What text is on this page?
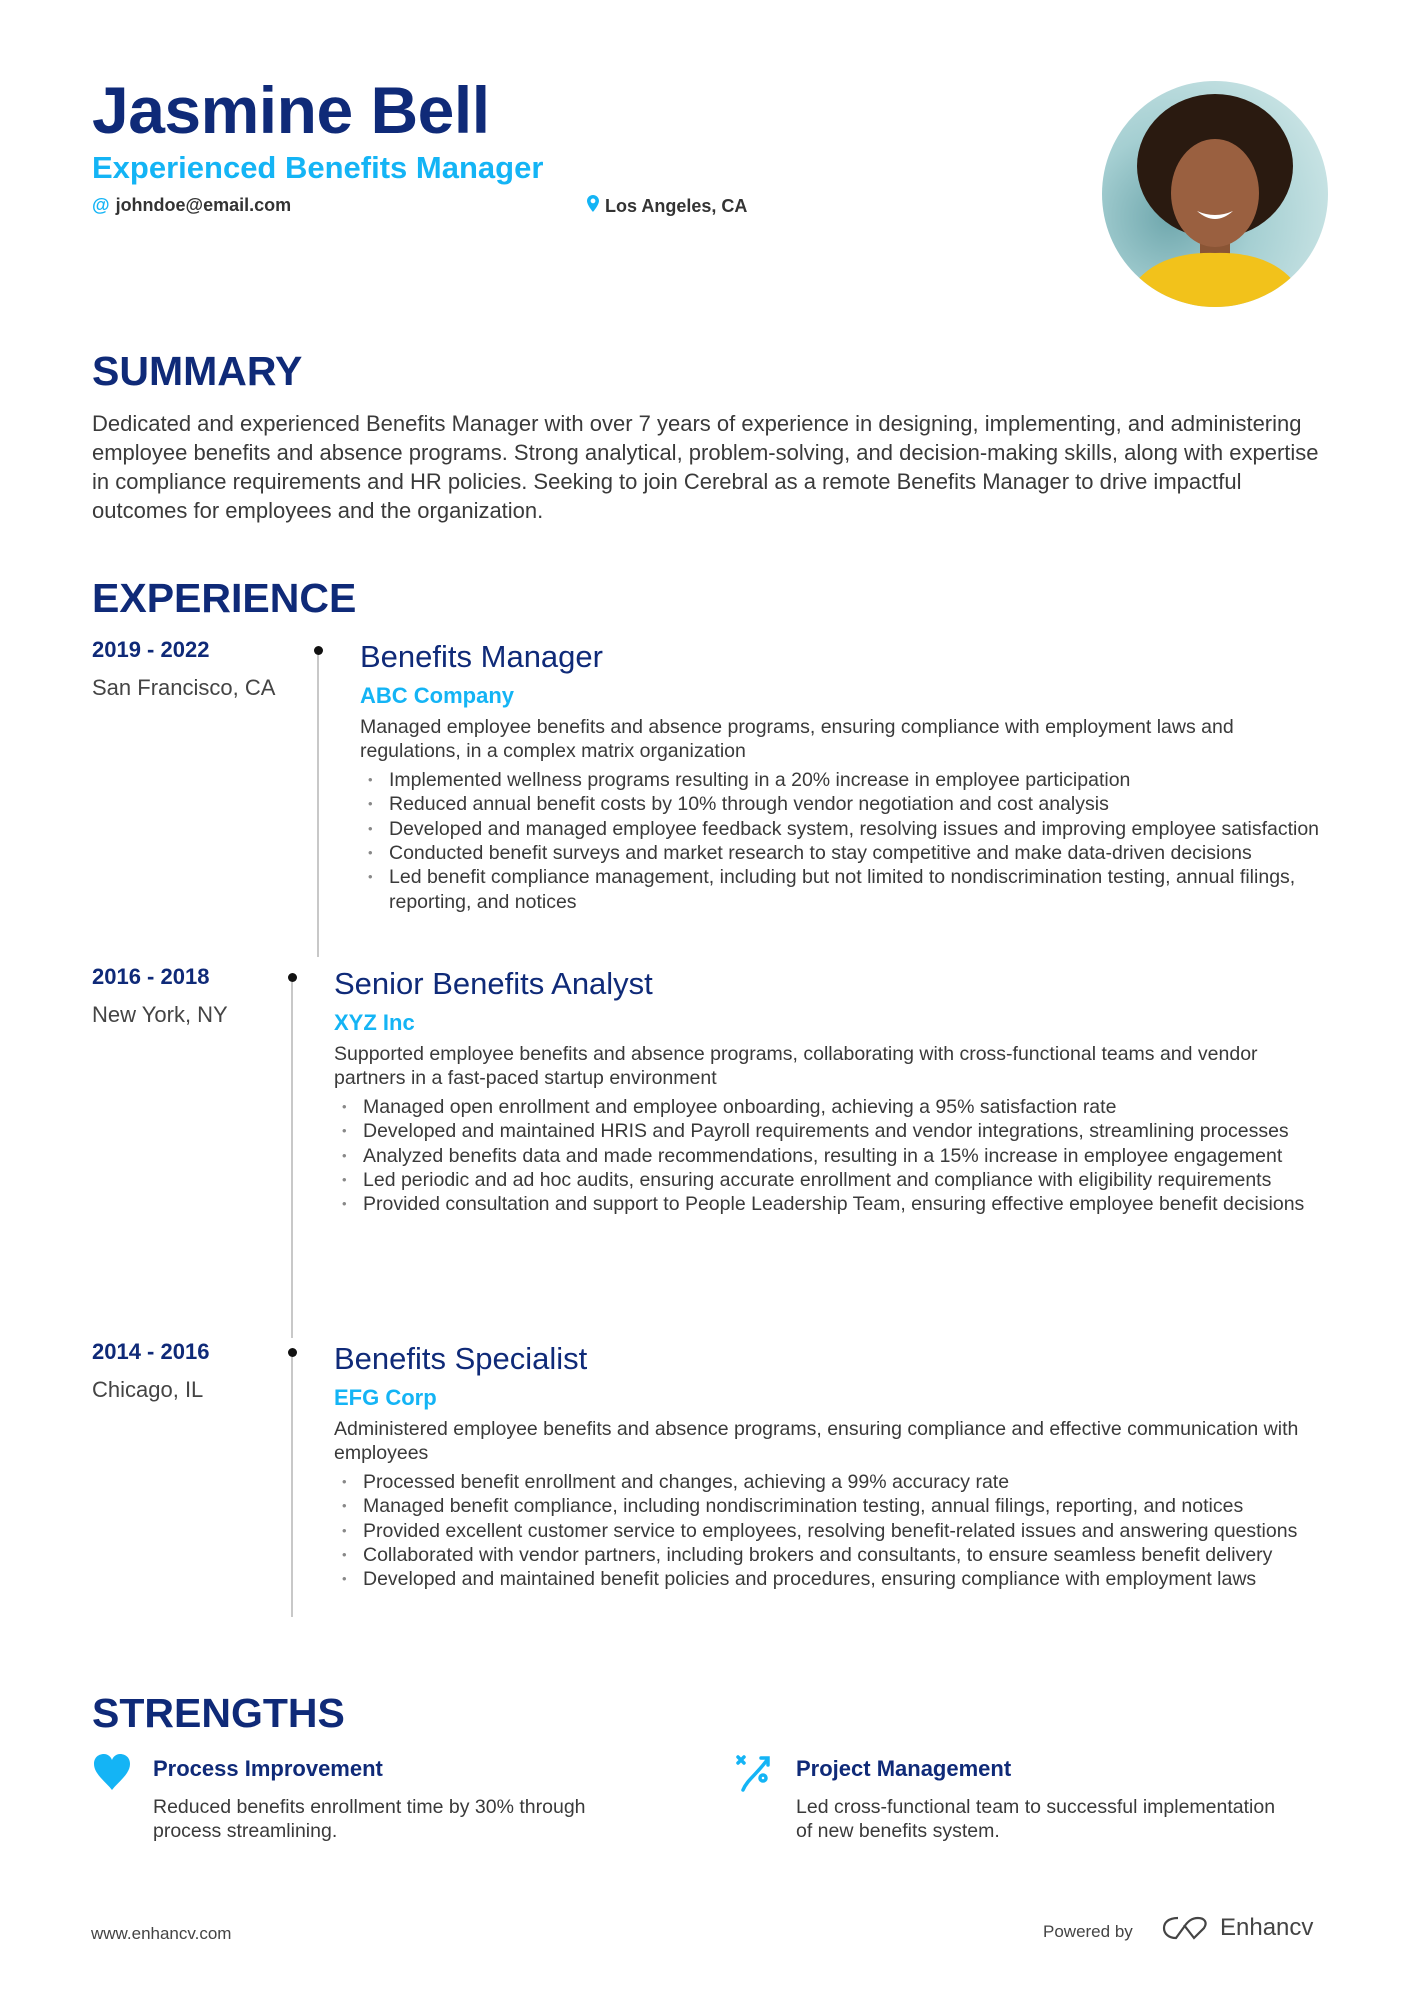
Jasmine Bell
Experienced Benefits Manager
@ johndoe@email.com	Los Angeles, CA
SUMMARY
Dedicated and experienced Benefits Manager with over 7 years of experience in designing, implementing, and administering employee benefits and absence programs. Strong analytical, problem-solving, and decision-making skills, along with expertise in compliance requirements and HR policies. Seeking to join Cerebral as a remote Benefits Manager to drive impactful outcomes for employees and the organization.
EXPERIENCE
2019 - 2022
San Francisco, CA
Benefits Manager
ABC Company
Managed employee benefits and absence programs, ensuring compliance with employment laws and regulations, in a complex matrix organization
• Implemented wellness programs resulting in a 20% increase in employee participation
• Reduced annual benefit costs by 10% through vendor negotiation and cost analysis
• Developed and managed employee feedback system, resolving issues and improving employee satisfaction
• Conducted benefit surveys and market research to stay competitive and make data-driven decisions
• Led benefit compliance management, including but not limited to nondiscrimination testing, annual filings, reporting, and notices
2016 - 2018
New York, NY
Senior Benefits Analyst
XYZ Inc
Supported employee benefits and absence programs, collaborating with cross-functional teams and vendor partners in a fast-paced startup environment
• Managed open enrollment and employee onboarding, achieving a 95% satisfaction rate
• Developed and maintained HRIS and Payroll requirements and vendor integrations, streamlining processes
• Analyzed benefits data and made recommendations, resulting in a 15% increase in employee engagement
• Led periodic and ad hoc audits, ensuring accurate enrollment and compliance with eligibility requirements
• Provided consultation and support to People Leadership Team, ensuring effective employee benefit decisions
2014 - 2016
Chicago, IL
Benefits Specialist
EFG Corp
Administered employee benefits and absence programs, ensuring compliance and effective communication with employees
• Processed benefit enrollment and changes, achieving a 99% accuracy rate
• Managed benefit compliance, including nondiscrimination testing, annual filings, reporting, and notices
• Provided excellent customer service to employees, resolving benefit-related issues and answering questions
• Collaborated with vendor partners, including brokers and consultants, to ensure seamless benefit delivery
• Developed and maintained benefit policies and procedures, ensuring compliance with employment laws
STRENGTHS
Process Improvement
Reduced benefits enrollment time by 30% through process streamlining.
Project Management
Led cross-functional team to successful implementation of new benefits system.
www.enhancv.com	Powered by	Enhancv
